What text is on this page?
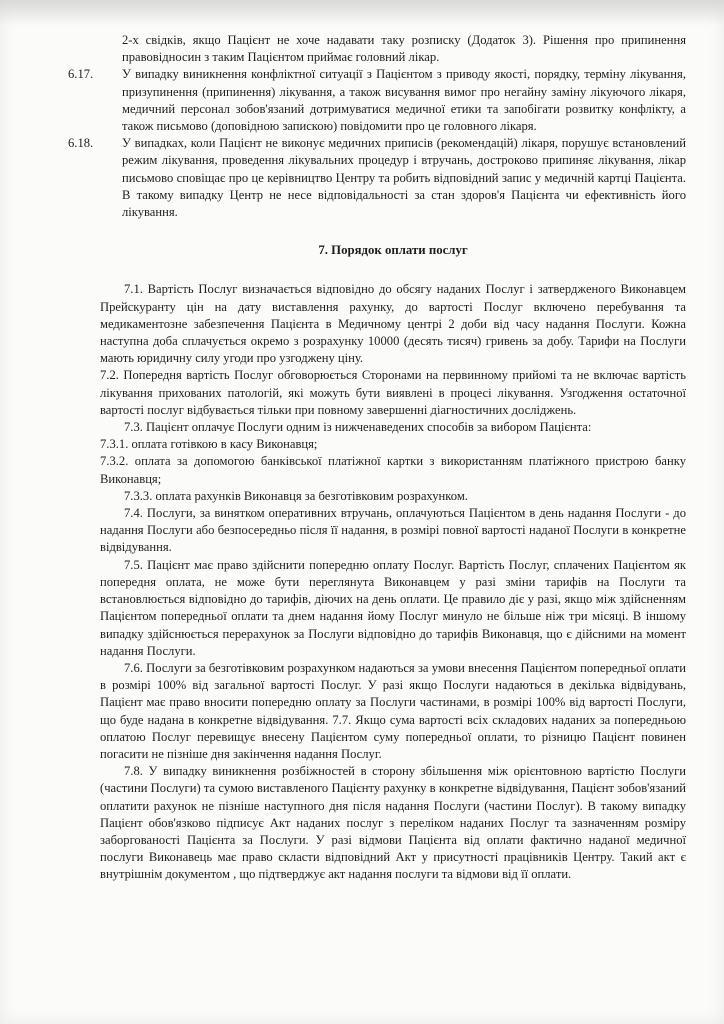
2-х свідків, якщо Пацієнт не хоче надавати таку розписку (Додаток 3). Рішення про припинення правовідносин з таким Пацієнтом приймає головний лікар.

6.17. У випадку виникнення конфліктної ситуації з Пацієнтом з приводу якості, порядку, терміну лікування, призупинення (припинення) лікування, а також висування вимог про негайну заміну лікуючого лікаря, медичний персонал зобов'язаний дотримуватися медичної етики та запобігати розвитку конфлікту, а також письмово (доповідною запискою) повідомити про це головного лікаря.
6.18. У випадках, коли Пацієнт не виконує медичних приписів (рекомендацій) лікаря, порушує встановлений режим лікування, проведення лікувальних процедур і втручань, достроково припиняє лікування, лікар письмово сповіщає про це керівництво Центру та робить відповідний запис у медичній картці Пацієнта. В такому випадку Центр не несе відповідальності за стан здоров'я Пацієнта чи ефективність його лікування.
7. Порядок оплати послуг

7.1. Вартість Послуг визначається відповідно до обсягу наданих Послуг і затвердженого Виконавцем Прейскуранту цін на дату виставлення рахунку, до вартості Послуг включено перебування та медикаментозне забезпечення Пацієнта в Медичному центрі 2 доби від часу надання Послуги. Кожна наступна доба сплачується окремо з розрахунку 10000 (десять тисяч) гривень за добу. Тарифи на Послуги мають юридичну силу угоди про узгоджену ціну.

7.2. Попередня вартість Послуг обговорюється Сторонами на первинному прийомі та не включає вартість лікування прихованих патологій, які можуть бути виявлені в процесі лікування. Узгодження остаточної вартості послуг відбувається тільки при повному завершенні діагностичних досліджень.

7.3. Пацієнт оплачує Послуги одним із нижченаведених способів за вибором Пацієнта:

7.3.1. оплата готівкою в касу Виконавця;

7.3.2. оплата за допомогою банківської платіжної картки з використанням платіжного пристрою банку Виконавця;

7.3.3. оплата рахунків Виконавця за безготівковим розрахунком.

7.4. Послуги, за винятком оперативних втручань, оплачуються Пацієнтом в день надання Послуги - до надання Послуги або безпосередньо після її надання, в розмірі повної вартості наданої Послуги в конкретне відвідування.

7.5. Пацієнт має право здійснити попередню оплату Послуг. Вартість Послуг, сплачених Пацієнтом як попередня оплата, не може бути переглянута Виконавцем у разі зміни тарифів на Послуги та встановлюється відповідно до тарифів, діючих на день оплати. Це правило діє у разі, якщо між здійсненням Пацієнтом попередньої оплати та днем надання йому Послуг минуло не більше ніж три місяці. В іншому випадку здійснюється перерахунок за Послуги відповідно до тарифів Виконавця, що є дійсними на момент надання Послуги.

7.6. Послуги за безготівковим розрахунком надаються за умови внесення Пацієнтом попередньої оплати в розмірі 100% від загальної вартості Послуг. У разі якщо Послуги надаються в декілька відвідувань, Пацієнт має право вносити попередню оплату за Послуги частинами, в розмірі 100% від вартості Послуги, що буде надана в конкретне відвідування. 7.7. Якщо сума вартості всіх складових наданих за попередньою оплатою Послуг перевищує внесену Пацієнтом суму попередньої оплати, то різницю Пацієнт повинен погасити не пізніше дня закінчення надання Послуг.

7.8. У випадку виникнення розбіжностей в сторону збільшення між орієнтовною вартістю Послуги (частини Послуги) та сумою виставленого Пацієнту рахунку в конкретне відвідування, Пацієнт зобов'язаний оплатити рахунок не пізніше наступного дня після надання Послуги (частини Послуг). В такому випадку Пацієнт обов'язково підписує Акт наданих послуг з переліком наданих Послуг та зазначенням розміру заборгованості Пацієнта за Послуги. У разі відмови Пацієнта від оплати фактично наданої медичної послуги Виконавець має право скласти відповідний Акт у присутності працівників Центру. Такий акт є внутрішнім документом , що підтверджує акт надання послуги та відмови від її оплати.
